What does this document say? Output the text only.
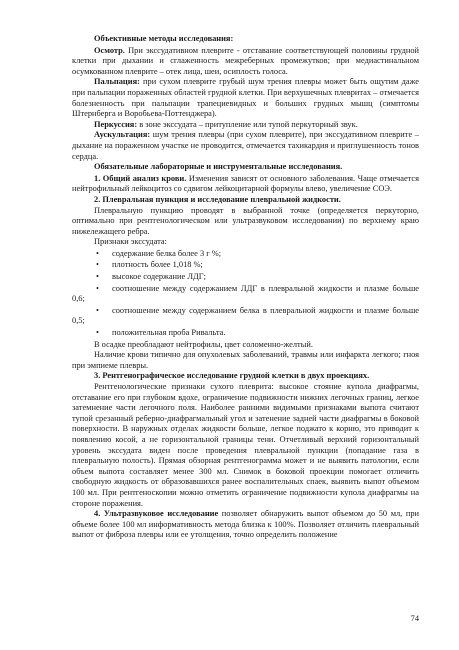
Объективные методы исследования:

Осмотр. При экссудативном плеврите - отставание соответствующей половины грудной клетки при дыхании и сглаженность межреберных промежутков; при медиастинальном осумкованном плеврите – отек лица, шеи, осиплость голоса.

Пальпация: при сухом плеврите грубый шум трения плевры может быть ощутим даже при пальпации пораженных областей грудной клетки. При верхушечных плевритах – отмечается болезненность при пальпации трапециевидных и больших грудных мышц (симптомы Штернберга и Воробьева-Поттенджера).

Перкуссия: в зоне экссудата – притупление или тупой перкуторный звук.

Аускультация: шум трения плевры (при сухом плеврите), при экссудативном плеврите – дыхание на пораженном участке не проводится, отмечается тахикардия и приглушенность тонов сердца.

Обязательные лабораторные и инструментальные исследования.

1. Общий анализ крови. Изменения зависят от основного заболевания. Чаще отмечается нейтрофильный лейкоцитоз со сдвигом лейкоцитарной формулы влево, увеличение СОЭ.

2. Плевральная пункция и исследование плевральной жидкости.

Плевральную пункцию проводят в выбранной точке (определяется перкуторно, оптимально при рентгенологическом или ультразвуковом исследовании) по верхнему краю нижележащего ребра.

Признаки экссудата:

• содержание белка более 3 г %;
• плотность более 1,018 %;
• высокое содержание ЛДГ;
• соотношение между содержанием ЛДГ в плевральной жидкости и плазме больше 0,6;
• соотношение между содержанием белка в плевральной жидкости и плазме больше 0,5;
• положительная проба Ривальта.

В осадке преобладают нейтрофилы, цвет соломенно-желтый.

Наличие крови типично для опухолевых заболеваний, травмы или инфаркта легкого; гноя при эмпиеме плевры.

3. Рентгенографическое исследование грудной клетки в двух проекциях.

Рентгенологические признаки сухого плеврита: высокое стояние купола диафрагмы, отставание его при глубоком вдохе, ограничение подвижности нижних легочных границ, легкое затемнение части легочного поля. Наиболее ранними видимыми признаками выпота считают тупой срезанный реберно-диафрагмальный угол и затенение задней части диафрагмы в боковой поверхности. В наружных отделах жидкости больше, легкое поджато к корню, это приводит к появлению косой, а не горизонтальной границы тени. Отчетливый верхний горизонтальный уровень экссудата виден после проведения плевральной пункции (попадание газа в плевральную полость). Прямая обзорная рентгенограмма может и не выявить патологии, если объем выпота составляет менее 300 мл. Снимок в боковой проекции помогает отличить свободную жидкость от образовавшихся ранее воспалительных спаек, выявить выпот объемом 100 мл. При рентгеноскопии можно отметить ограничение подвижности купола диафрагмы на стороне поражения.

4. Ультразвуковое исследование позволяет обнаружить выпот объемом до 50 мл, при объеме более 100 мл информативность метода близка к 100%. Позволяет отличить плевральный выпот от фиброза плевры или ее утолщения, точно определить положение

74
